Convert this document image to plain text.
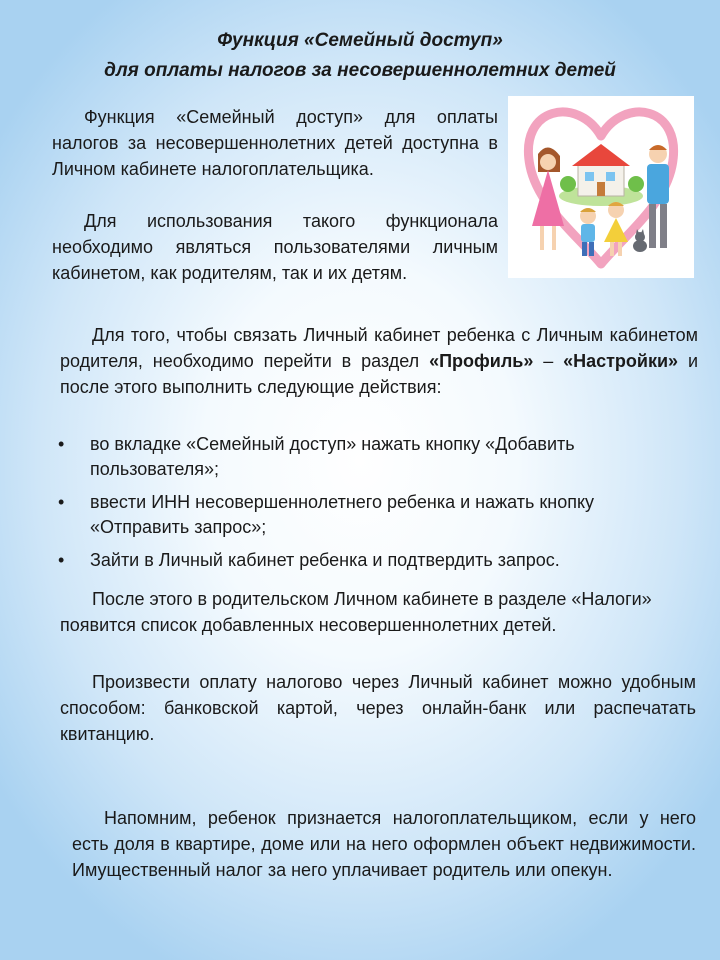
Функция «Семейный доступ»
для оплаты налогов за несовершеннолетних детей

Функция «Семейный доступ» для оплаты налогов за несовершеннолетних детей доступна в Личном кабинете налогоплательщика.

Для использования такого функционала необходимо являться пользователями личным кабинетом, как родителям, так и их детям.

Для того, чтобы связать Личный кабинет ребенка с Личным кабинетом родителя, необходимо перейти в раздел «Профиль» – «Настройки» и после этого выполнить следующие действия:

• во вкладке «Семейный доступ» нажать кнопку «Добавить пользователя»;
• ввести ИНН несовершеннолетнего ребенка и нажать кнопку «Отправить запрос»;
• Зайти в Личный кабинет ребенка и подтвердить запрос.

После этого в родительском Личном кабинете в разделе «Налоги» появится список добавленных несовершеннолетних детей.

Произвести оплату налогово через Личный кабинет можно удобным способом: банковской картой, через онлайн-банк или распечатать квитанцию.

Напомним, ребенок признается налогоплательщиком, если у него есть доля в квартире, доме или на него оформлен объект недвижимости. Имущественный налог за него уплачивает родитель или опекун.
